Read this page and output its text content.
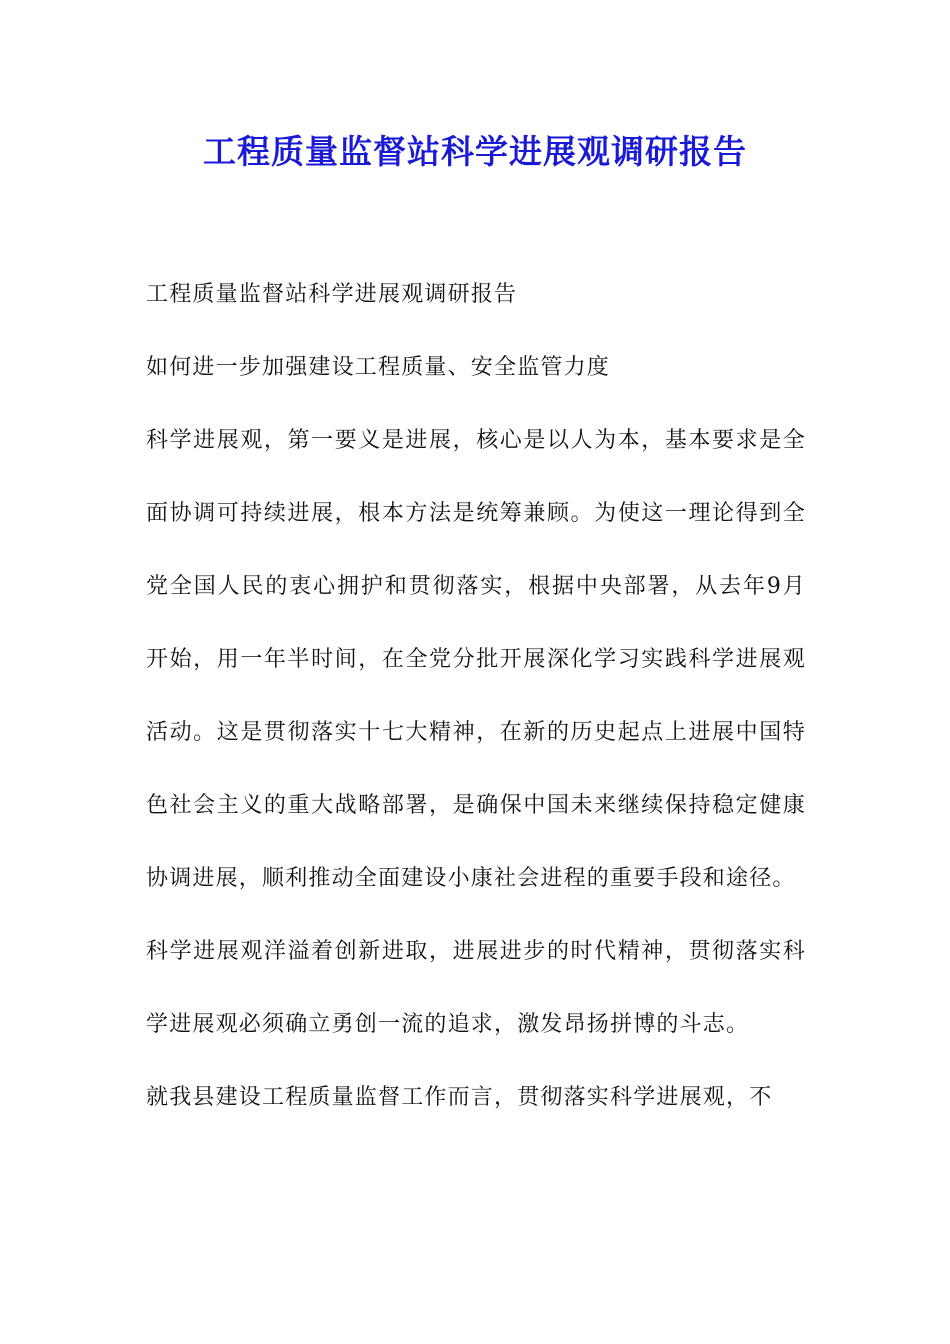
工程质量监督站科学进展观调研报告

工程质量监督站科学进展观调研报告

如何进一步加强建设工程质量、安全监管力度

科学进展观，第一要义是进展，核心是以人为本，基本要求是全面协调可持续进展，根本方法是统筹兼顾。为使这一理论得到全党全国人民的衷心拥护和贯彻落实，根据中央部署，从去年9月开始，用一年半时间，在全党分批开展深化学习实践科学进展观活动。这是贯彻落实十七大精神，在新的历史起点上进展中国特色社会主义的重大战略部署，是确保中国未来继续保持稳定健康协调进展，顺利推动全面建设小康社会进程的重要手段和途径。

科学进展观洋溢着创新进取，进展进步的时代精神，贯彻落实科学进展观必须确立勇创一流的追求，激发昂扬拼博的斗志。

就我县建设工程质量监督工作而言，贯彻落实科学进展观，不
